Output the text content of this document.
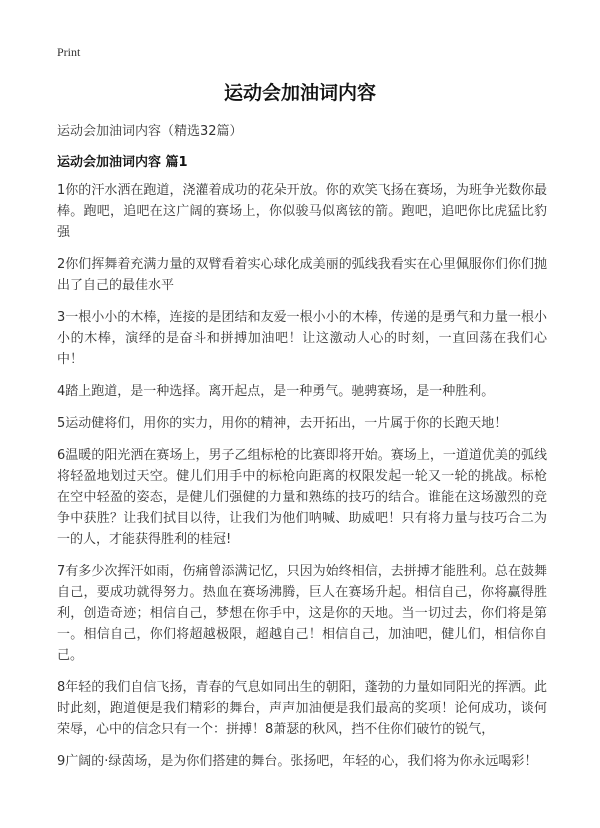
Print
运动会加油词内容
运动会加油词内容（精选32篇）
运动会加油词内容 篇1

1你的汗水洒在跑道，浇灌着成功的花朵开放。你的欢笑飞扬在赛场，为班争光数你最棒。跑吧，追吧在这广阔的赛场上，你似骏马似离铉的箭。跑吧，追吧你比虎猛比豹强

2你们挥舞着充满力量的双臂看着实心球化成美丽的弧线我看实在心里佩服你们你们抛出了自己的最佳水平

3一根小小的木棒，连接的是团结和友爱一根小小的木棒，传递的是勇气和力量一根小小的木棒，演绎的是奋斗和拼搏加油吧！让这激动人心的时刻，一直回荡在我们心中！

4踏上跑道，是一种选择。离开起点，是一种勇气。驰骋赛场，是一种胜利。

5运动健将们，用你的实力，用你的精神，去开拓出，一片属于你的长跑天地！

6温暖的阳光洒在赛场上，男子乙组标枪的比赛即将开始。赛场上，一道道优美的弧线将轻盈地划过天空。健儿们用手中的标枪向距离的权限发起一轮又一轮的挑战。标枪在空中轻盈的姿态，是健儿们强健的力量和熟练的技巧的结合。谁能在这场激烈的竞争中获胜？让我们拭目以待，让我们为他们呐喊、助威吧！只有将力量与技巧合二为一的人，才能获得胜利的桂冠!

7有多少次挥汗如雨，伤痛曾添满记忆，只因为始终相信，去拼搏才能胜利。总在鼓舞自己，要成功就得努力。热血在赛场沸腾，巨人在赛场升起。相信自己，你将赢得胜利，创造奇迹；相信自己，梦想在你手中，这是你的天地。当一切过去，你们将是第一。相信自己，你们将超越极限，超越自己！相信自己，加油吧，健儿们，相信你自己。

8年轻的我们自信飞扬，青春的气息如同出生的朝阳，蓬勃的力量如同阳光的挥洒。此时此刻，跑道便是我们精彩的舞台，声声加油便是我们最高的奖项！论何成功，谈何荣辱，心中的信念只有一个：拼搏！8萧瑟的秋风，挡不住你们破竹的锐气，

9广阔的·绿茵场，是为你们搭建的舞台。张扬吧，年轻的心，我们将为你永远喝彩！
